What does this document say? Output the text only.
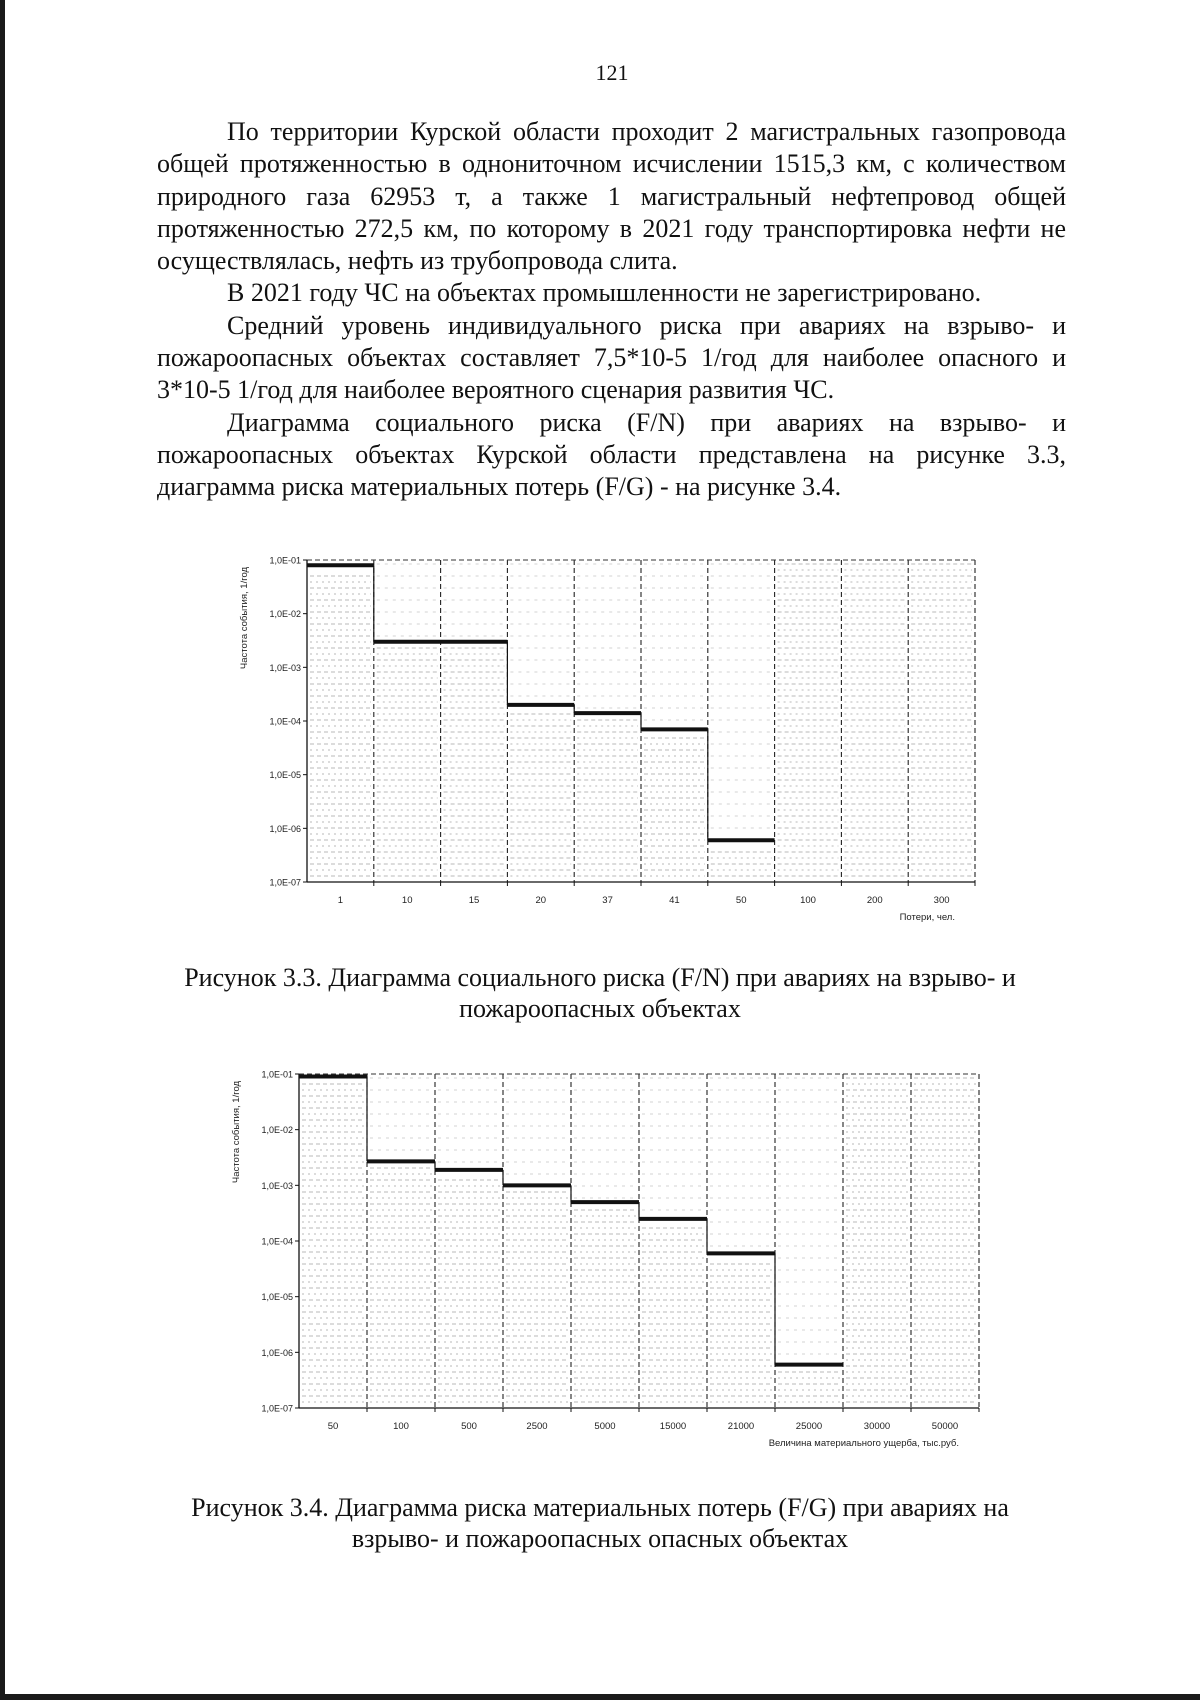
121

По территории Курской области проходит 2 магистральных газопровода общей протяженностью в однониточном исчислении 1515,3 км, с количеством природного газа 62953 т, а также 1 магистральный нефтепровод общей протяженностью 272,5 км, по которому в 2021 году транспортировка нефти не осуществлялась, нефть из трубопровода слита.

В 2021 году ЧС на объектах промышленности не зарегистрировано.

Средний уровень индивидуального риска при авариях на взрыво- и пожароопасных объектах составляет 7,5*10-5 1/год для наиболее опасного и 3*10-5 1/год для наиболее вероятного сценария развития ЧС.

Диаграмма социального риска (F/N) при авариях на взрыво- и пожароопасных объектах Курской области представлена на рисунке 3.3, диаграмма риска материальных потерь (F/G) - на рисунке 3.4.

1,0E-01
1,0E-02
1,0E-03
1,0E-04
1,0E-05
1,0E-06
1,0E-07
1	10	15	20	37	41	50	100	200	300
Частота события, 1/год
Потери, чел.
Рисунок 3.3. Диаграмма социального риска (F/N) при авариях на взрыво- и
пожароопасных объектах
1,0E-01
1,0E-02
1,0E-03
1,0E-04
1,0E-05
1,0E-06
1,0E-07
50	100	500	2500	5000	15000	21000	25000	30000	50000
Частота события, 1/год
Величина материального ущерба, тыс.руб.
Рисунок 3.4. Диаграмма риска материальных потерь (F/G) при авариях на
взрыво- и пожароопасных опасных объектах
